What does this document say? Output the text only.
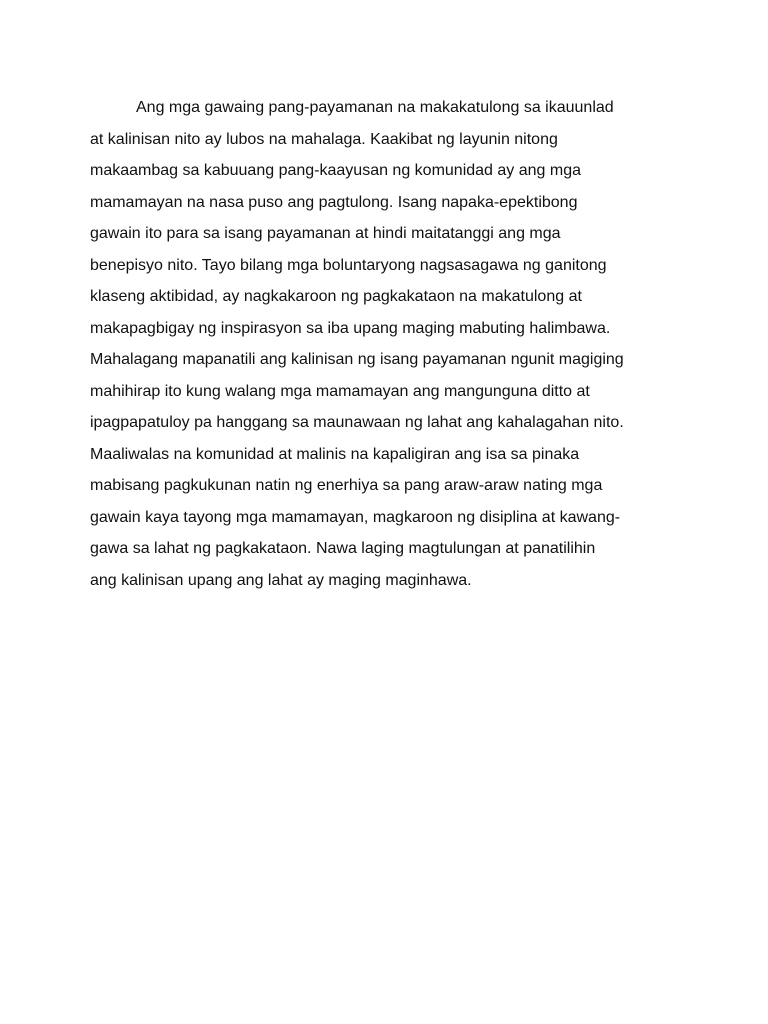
Ang mga gawaing pang-payamanan na makakatulong sa ikauunlad
at kalinisan nito ay lubos na mahalaga. Kaakibat ng layunin nitong
makaambag sa kabuuang pang-kaayusan ng komunidad ay ang mga
mamamayan na nasa puso ang pagtulong. Isang napaka-epektibong
gawain ito para sa isang payamanan at hindi maitatanggi ang mga
benepisyo nito. Tayo bilang mga boluntaryong nagsasagawa ng ganitong
klaseng aktibidad, ay nagkakaroon ng pagkakataon na makatulong at
makapagbigay ng inspirasyon sa iba upang maging mabuting halimbawa.
Mahalagang mapanatili ang kalinisan ng isang payamanan ngunit magiging
mahihirap ito kung walang mga mamamayan ang mangunguna ditto at
ipagpapatuloy pa hanggang sa maunawaan ng lahat ang kahalagahan nito.
Maaliwalas na komunidad at malinis na kapaligiran ang isa sa pinaka
mabisang pagkukunan natin ng enerhiya sa pang araw-araw nating mga
gawain kaya tayong mga mamamayan, magkaroon ng disiplina at kawang-
gawa sa lahat ng pagkakataon. Nawa laging magtulungan at panatilihin
ang kalinisan upang ang lahat ay maging maginhawa.
